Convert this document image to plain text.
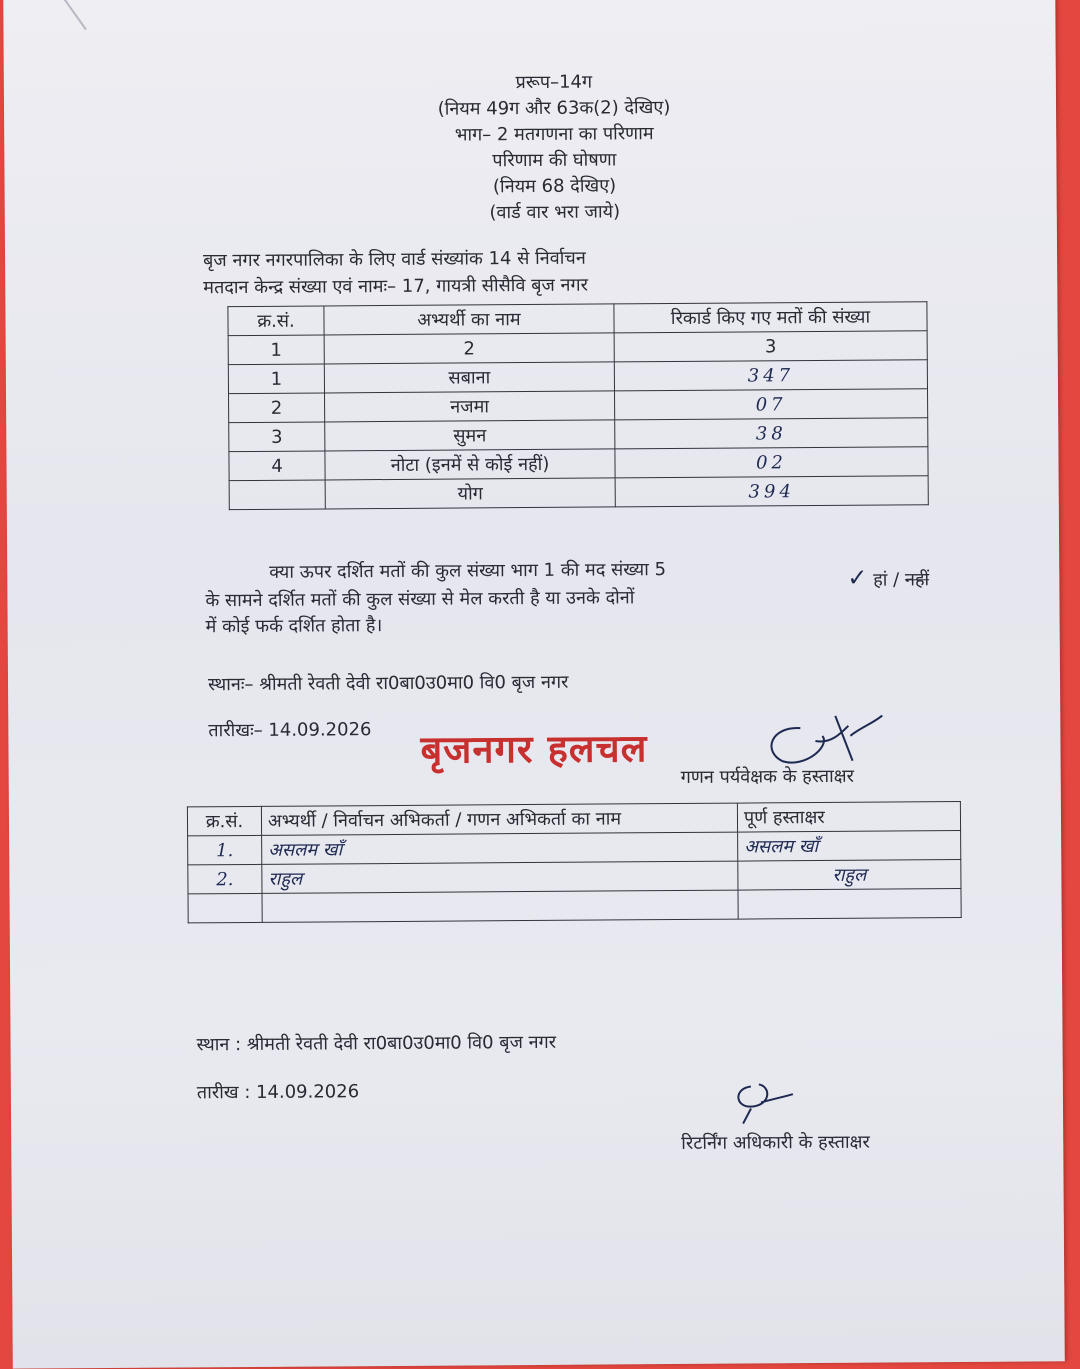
प्ररूप–14ग
(नियम 49ग और 63क(2) देखिए)
भाग– 2 मतगणना का परिणाम
परिणाम की घोषणा
(नियम 68 देखिए)
(वार्ड वार भरा जाये)
बृज नगर नगरपालिका के लिए वार्ड संख्यांक 14 से निर्वाचन
मतदान केन्द्र संख्या एवं नामः– 17, गायत्री सीसैवि बृज नगर
क्र.सं.	अभ्यर्थी का नाम	रिकार्ड किए गए मतों की संख्या
1	2	3
1	सबाना	347
2	नजमा	07
3	सुमन	38
4	नोटा (इनमें से कोई नहीं)	02
	योग	394
क्या ऊपर दर्शित मतों की कुल संख्या भाग 1 की मद संख्या 5
के सामने दर्शित मतों की कुल संख्या से मेल करती है या उनके दोनों
में कोई फर्क दर्शित होता है।
✓ हां / नहीं
स्थानः– श्रीमती रेवती देवी रा0बा0उ0मा0 वि0 बृज नगर
तारीखः– 14.09.2026 बृजनगर हलचल
गणन पर्यवेक्षक के हस्ताक्षर
क्र.सं.	अभ्यर्थी / निर्वाचन अभिकर्ता / गणन अभिकर्ता का नाम	पूर्ण हस्ताक्षर
1.	असलम खाँ	असलम खाँ
2.	राहुल	राहुल

स्थान : श्रीमती रेवती देवी रा0बा0उ0मा0 वि0 बृज नगर
तारीख : 14.09.2026
रिटर्निंग अधिकारी के हस्ताक्षर
